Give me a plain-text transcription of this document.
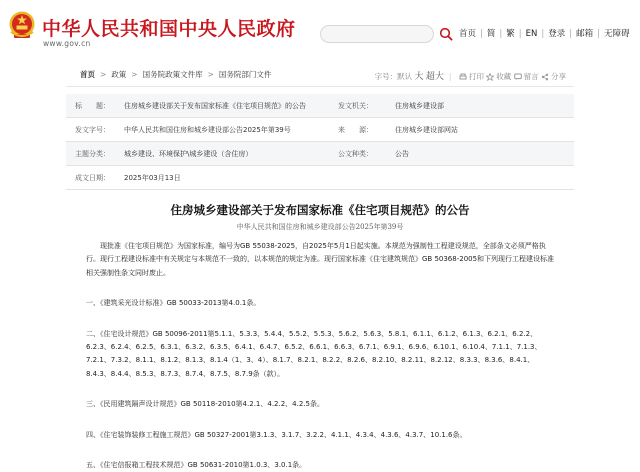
中华人民共和国中央人民政府
www.gov.cn
首页 | 简 | 繁 | EN | 登录 | 邮箱 | 无障碍
首页 > 政策 > 国务院政策文件库 > 国务院部门文件	字号：默认 大 超大 | 打印 收藏 留言 分享
标　　题：	住房城乡建设部关于发布国家标准《住宅项目规范》的公告	发文机关：	住房城乡建设部
发文字号：	中华人民共和国住房和城乡建设部公告2025年第39号	来　　源：	住房城乡建设部网站
主题分类：	城乡建设、环境保护\城乡建设（含住房）	公文种类：	公告
成文日期：	2025年03月13日		
住房城乡建设部关于发布国家标准《住宅项目规范》的公告
中华人民共和国住房和城乡建设部公告2025年第39号

现批准《住宅项目规范》为国家标准，编号为GB 55038-2025，自2025年5月1日起实施。本规范为强制性工程建设规范，全部条文必须严格执行。现行工程建设标准中有关规定与本规范不一致的，以本规范的规定为准。现行国家标准《住宅建筑规范》GB 50368-2005和下列现行工程建设标准相关强制性条文同时废止。

一、《建筑采光设计标准》GB 50033-2013第4.0.1条。

二、《住宅设计规范》GB 50096-2011第5.1.1、5.3.3、5.4.4、5.5.2、5.5.3、5.6.2、5.6.3、5.8.1、6.1.1、6.1.2、6.1.3、6.2.1、6.2.2、6.2.3、6.2.4、6.2.5、6.3.1、6.3.2、6.3.5、6.4.1、6.4.7、6.5.2、6.6.1、6.6.3、6.7.1、6.9.1、6.9.6、6.10.1、6.10.4、7.1.1、7.1.3、7.2.1、7.3.2、8.1.1、8.1.2、8.1.3、8.1.4（1、3、4）、8.1.7、8.2.1、8.2.2、8.2.6、8.2.10、8.2.11、8.2.12、8.3.3、8.3.6、8.4.1、8.4.3、8.4.4、8.5.3、8.7.3、8.7.4、8.7.5、8.7.9条（款）。

三、《民用建筑隔声设计规范》GB 50118-2010第4.2.1、4.2.2、4.2.5条。

四、《住宅装饰装修工程施工规范》GB 50327-2001第3.1.3、3.1.7、3.2.2、4.1.1、4.3.4、4.3.6、4.3.7、10.1.6条。

五、《住宅信报箱工程技术规范》GB 50631-2010第1.0.3、3.0.1条。
